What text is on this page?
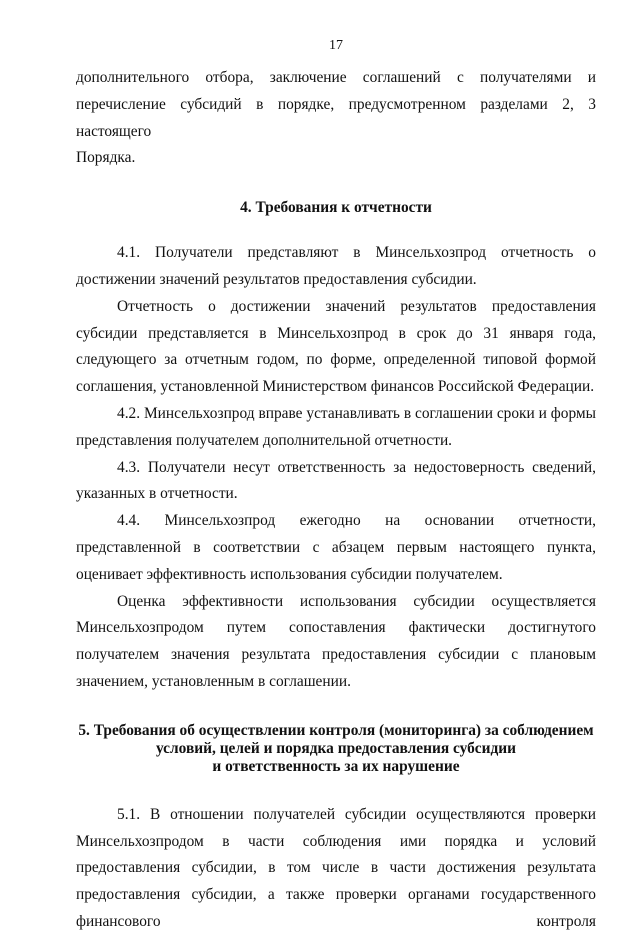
17

дополнительного отбора, заключение соглашений с получателями и

перечисление субсидий в порядке, предусмотренном разделами 2, 3 настоящего

Порядка.

4. Требования к отчетности

4.1. Получатели представляют в Минсельхозпрод отчетность о достижении значений результатов предоставления субсидии.

Отчетность о достижении значений результатов предоставления субсидии представляется в Минсельхозпрод в срок до 31 января года, следующего за отчетным годом, по форме, определенной типовой формой соглашения, установленной Министерством финансов Российской Федерации.

4.2. Минсельхозпрод вправе устанавливать в соглашении сроки и формы представления получателем дополнительной отчетности.

4.3. Получатели несут ответственность за недостоверность сведений, указанных в отчетности.

4.4. Минсельхозпрод ежегодно на основании отчетности, представленной в соответствии с абзацем первым настоящего пункта, оценивает эффективность использования субсидии получателем.

Оценка эффективности использования субсидии осуществляется Минсельхозпродом путем сопоставления фактически достигнутого получателем значения результата предоставления субсидии с плановым значением, установленным в соглашении.

5. Требования об осуществлении контроля (мониторинга) за соблюдением
условий, целей и порядка предоставления субсидии
и ответственность за их нарушение

5.1. В отношении получателей субсидии осуществляются проверки Минсельхозпродом в части соблюдения ими порядка и условий предоставления субсидии, в том числе в части достижения результата предоставления субсидии, а также проверки органами государственного финансового контроля
